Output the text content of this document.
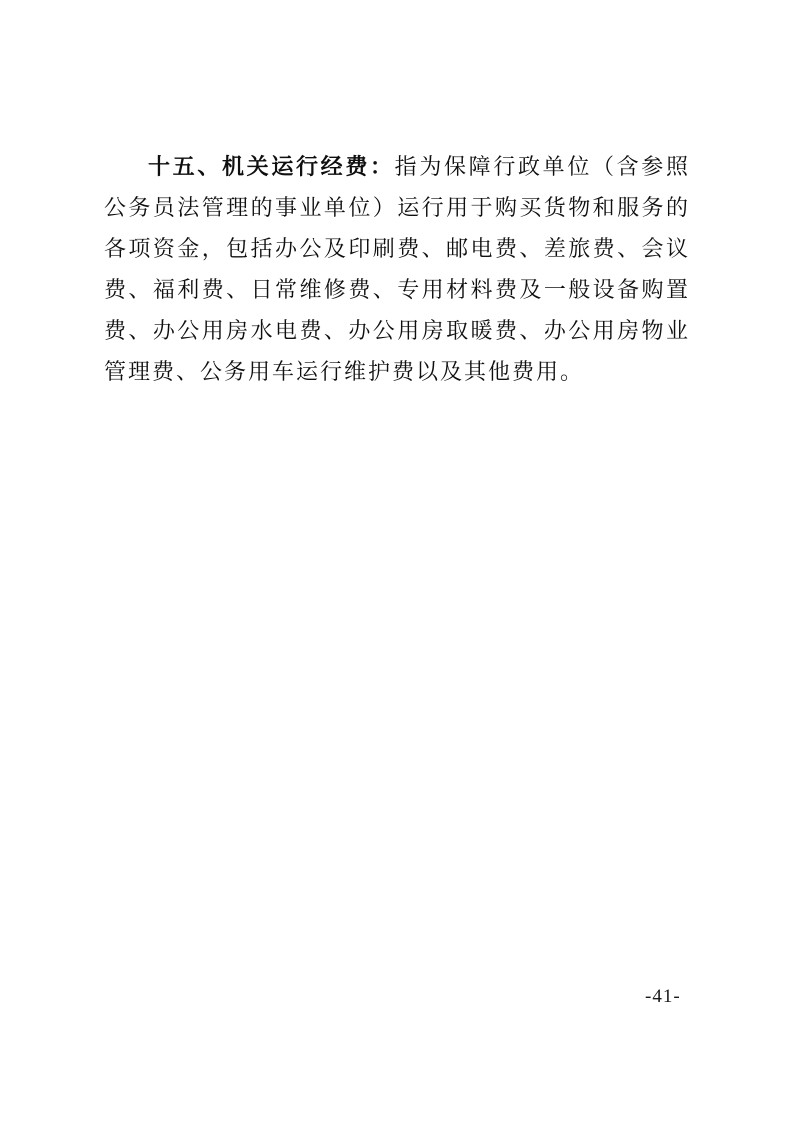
十五、机关运行经费：指为保障行政单位（含参照公务员法管理的事业单位）运行用于购买货物和服务的各项资金，包括办公及印刷费、邮电费、差旅费、会议费、福利费、日常维修费、专用材料费及一般设备购置费、办公用房水电费、办公用房取暖费、办公用房物业管理费、公务用车运行维护费以及其他费用。

-41-
